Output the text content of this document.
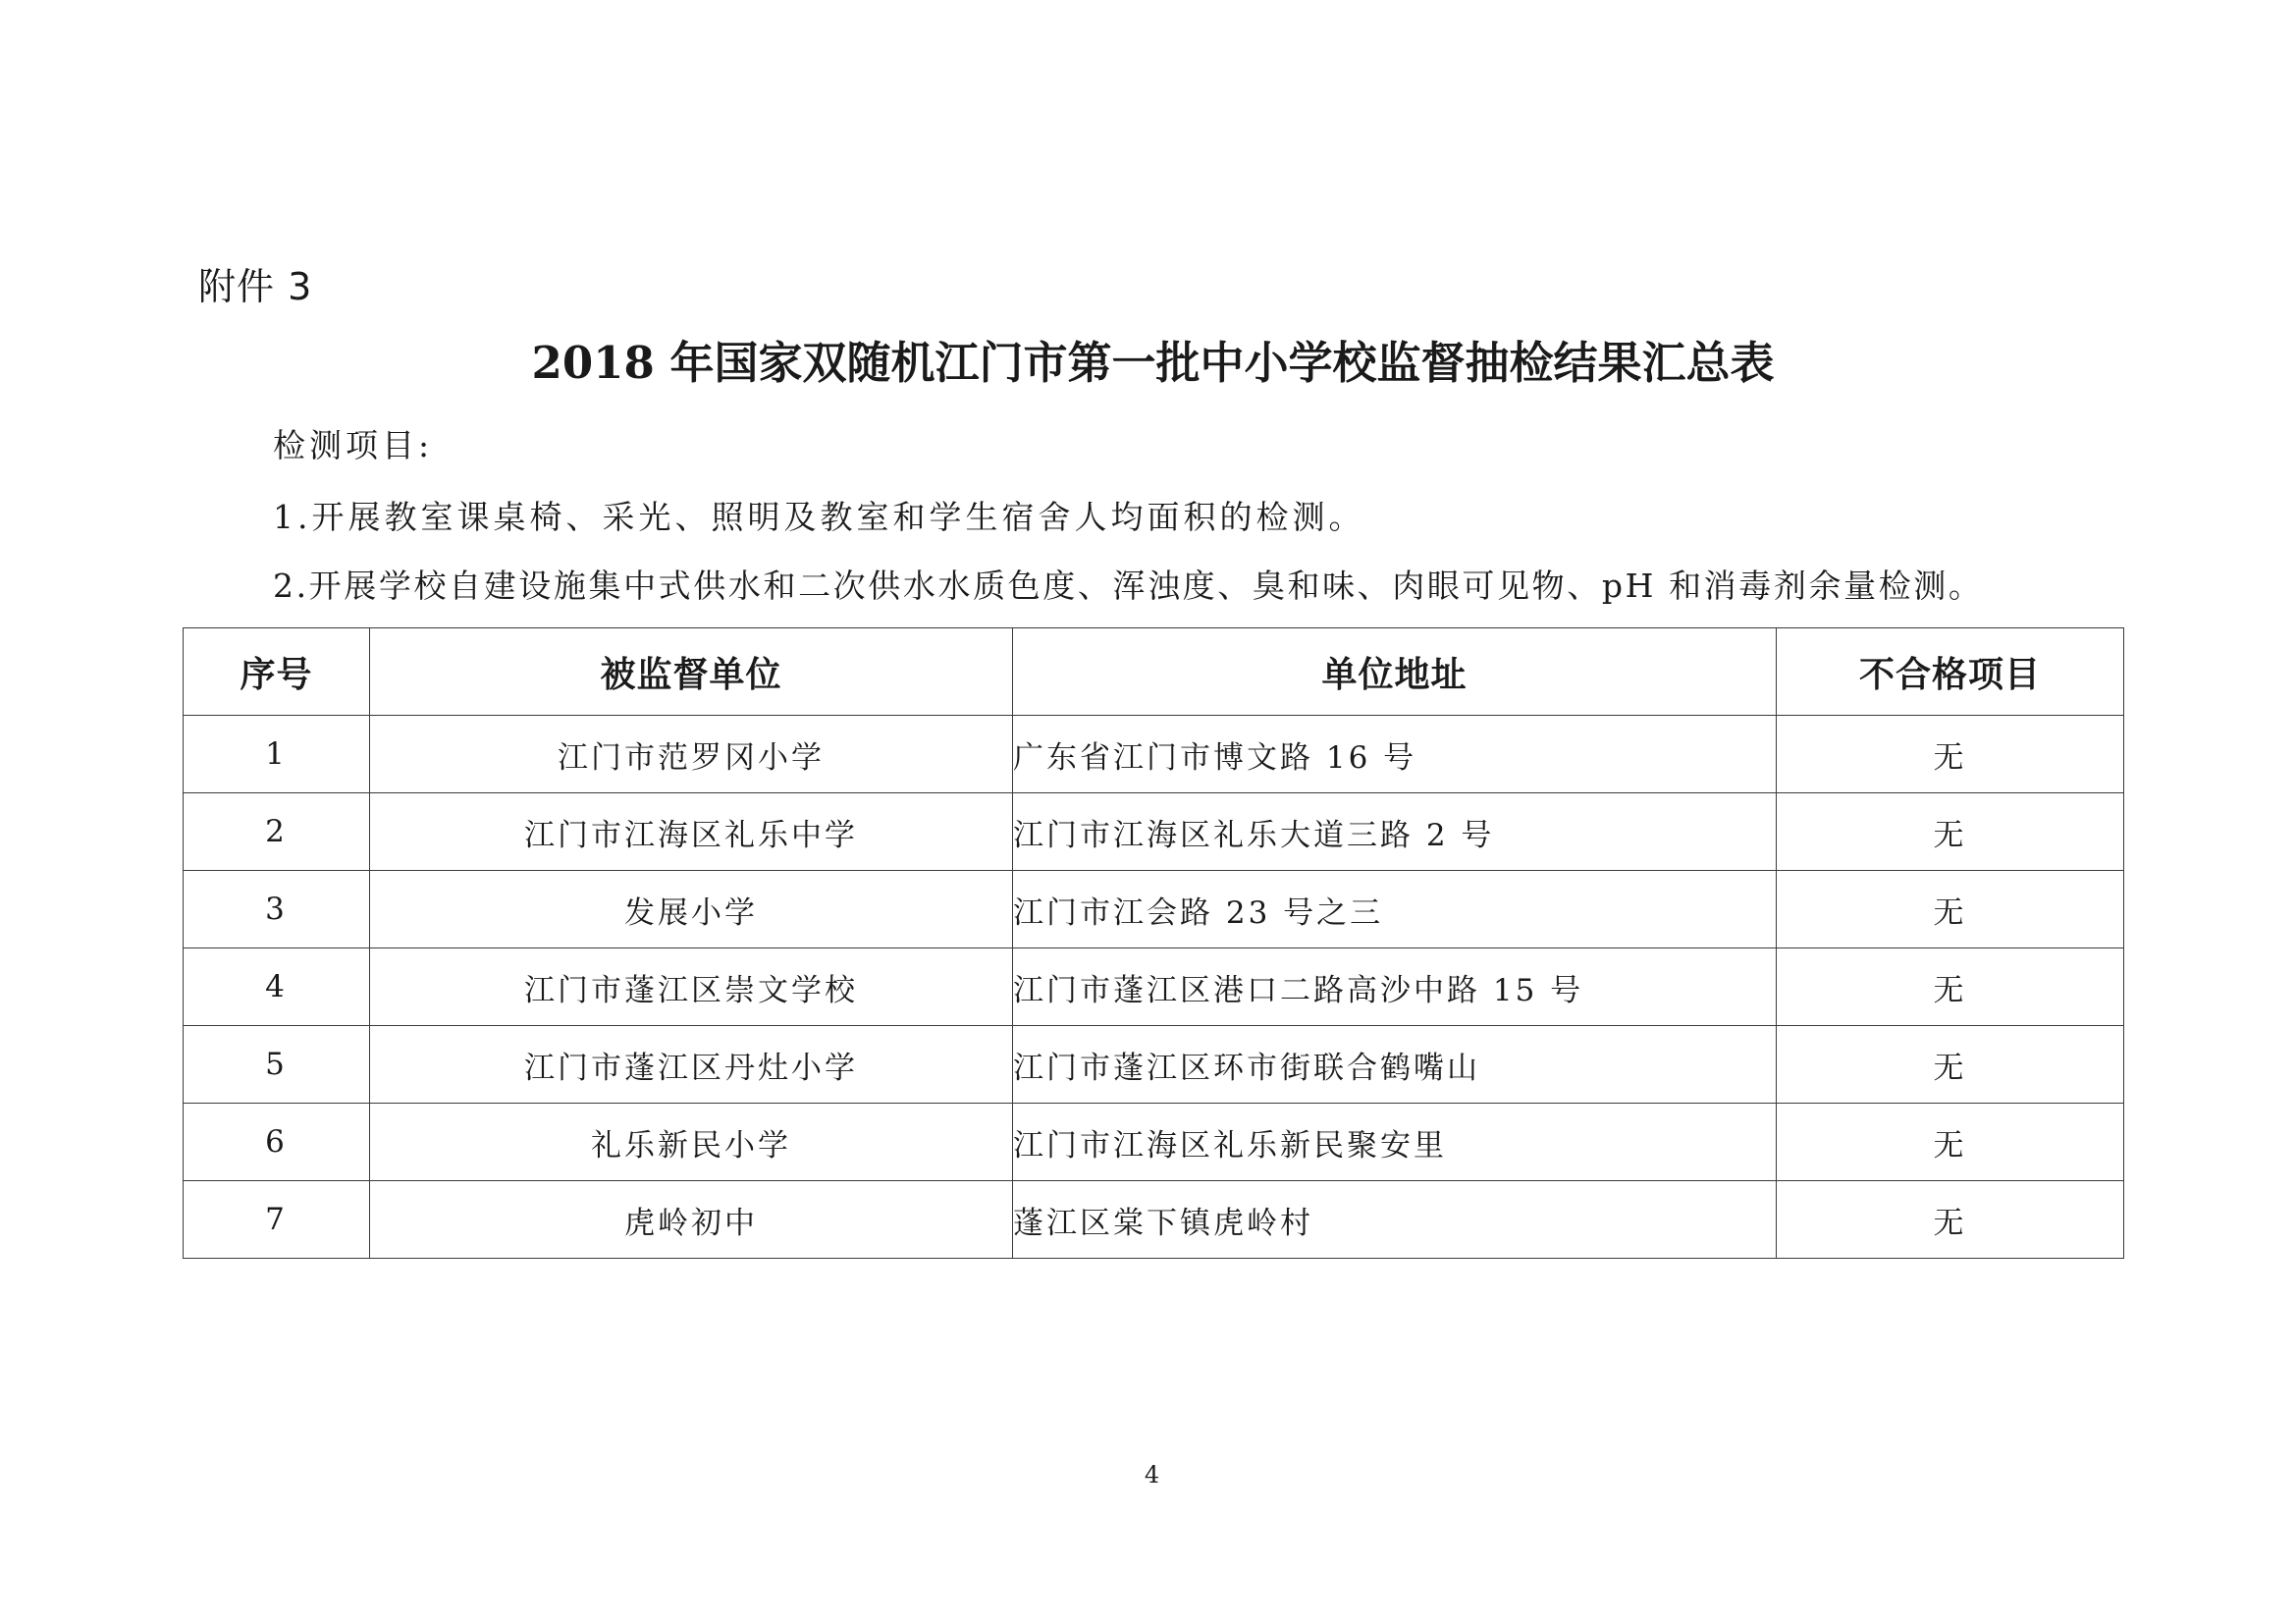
附件 3
2018 年国家双随机江门市第一批中小学校监督抽检结果汇总表
检测项目:
1.开展教室课桌椅、采光、照明及教室和学生宿舍人均面积的检测。
2.开展学校自建设施集中式供水和二次供水水质色度、浑浊度、臭和味、肉眼可见物、pH 和消毒剂余量检测。
序号	被监督单位	单位地址	不合格项目
1	江门市范罗冈小学	广东省江门市博文路 16 号	无
2	江门市江海区礼乐中学	江门市江海区礼乐大道三路 2 号	无
3	发展小学	江门市江会路 23 号之三	无
4	江门市蓬江区崇文学校	江门市蓬江区港口二路高沙中路 15 号	无
5	江门市蓬江区丹灶小学	江门市蓬江区环市街联合鹤嘴山	无
6	礼乐新民小学	江门市江海区礼乐新民聚安里	无
7	虎岭初中	蓬江区棠下镇虎岭村	无
4
